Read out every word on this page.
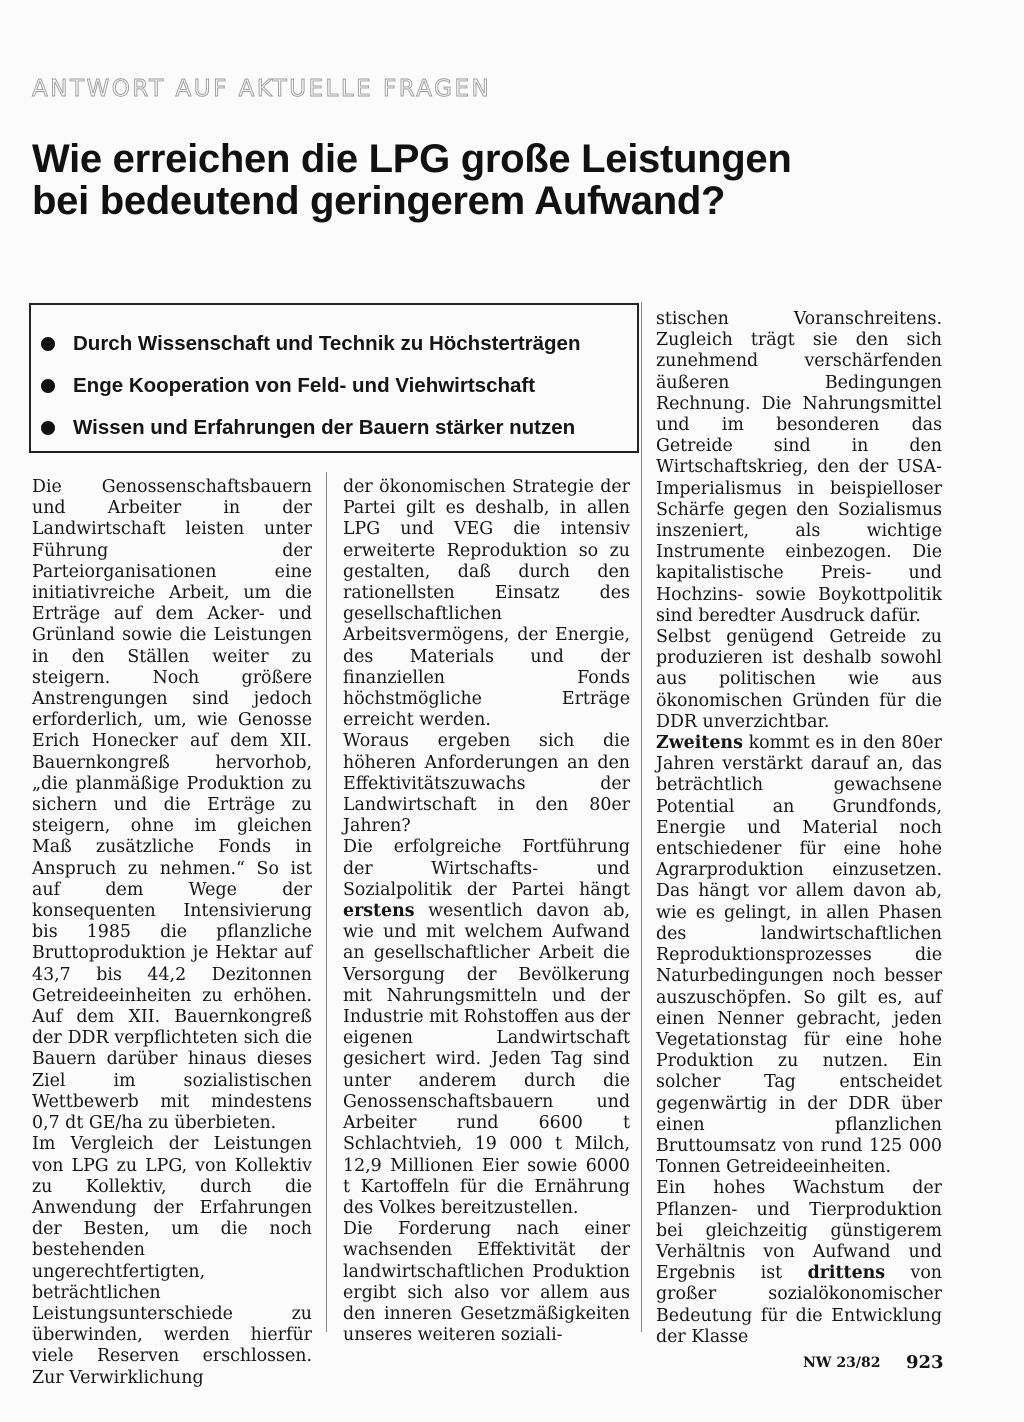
ANTWORT AUF AKTUELLE FRAGEN
Wie erreichen die LPG große Leistungen
bei bedeutend geringerem Aufwand?
Durch Wissenschaft und Technik zu Höchsterträgen
Enge Kooperation von Feld- und Viehwirtschaft
Wissen und Erfahrungen der Bauern stärker nutzen

Die Genossenschaftsbauern und Arbeiter in der Landwirtschaft leisten unter Führung der Parteiorganisationen eine initiativreiche Arbeit, um die Erträge auf dem Acker- und Grünland sowie die Leistungen in den Ställen weiter zu steigern. Noch größere Anstrengungen sind jedoch erforderlich, um, wie Genosse Erich Honecker auf dem XII. Bauernkongreß hervorhob, „die planmäßige Produktion zu sichern und die Erträge zu steigern, ohne im gleichen Maß zusätzliche Fonds in Anspruch zu nehmen.“ So ist auf dem Wege der konsequenten Intensivierung bis 1985 die pflanzliche Bruttoproduktion je Hektar auf 43,7 bis 44,2 Dezitonnen Getreideeinheiten zu erhöhen. Auf dem XII. Bauernkongreß der DDR verpflichteten sich die Bauern darüber hinaus dieses Ziel im sozialistischen Wettbewerb mit mindestens 0,7 dt GE/ha zu überbieten.

Im Vergleich der Leistungen von LPG zu LPG, von Kollektiv zu Kollektiv, durch die Anwendung der Erfahrungen der Besten, um die noch bestehenden ungerechtfertigten, beträchtlichen Leistungsunterschiede zu überwinden, werden hierfür viele Reserven erschlossen. Zur Verwirklichung

der ökonomischen Strategie der Partei gilt es deshalb, in allen LPG und VEG die intensiv erweiterte Reproduktion so zu gestalten, daß durch den rationellsten Einsatz des gesellschaftlichen Arbeitsvermögens, der Energie, des Materials und der finanziellen Fonds höchstmögliche Erträge erreicht werden.

Woraus ergeben sich die höheren Anforderungen an den Effektivitätszuwachs der Landwirtschaft in den 80er Jahren?

Die erfolgreiche Fortführung der Wirtschafts- und Sozialpolitik der Partei hängt erstens wesentlich davon ab, wie und mit welchem Aufwand an gesellschaftlicher Arbeit die Versorgung der Bevölkerung mit Nahrungsmitteln und der Industrie mit Rohstoffen aus der eigenen Landwirtschaft gesichert wird. Jeden Tag sind unter anderem durch die Genossenschaftsbauern und Arbeiter rund 6600 t Schlachtvieh, 19 000 t Milch, 12,9 Millionen Eier sowie 6000 t Kartoffeln für die Ernährung des Volkes bereitzustellen.

Die Forderung nach einer wachsenden Effektivität der landwirtschaftlichen Produktion ergibt sich also vor allem aus den inneren Gesetzmäßigkeiten unseres weiteren soziali-

stischen Voranschreitens. Zugleich trägt sie den sich zunehmend verschärfenden äußeren Bedingungen Rechnung. Die Nahrungsmittel und im besonderen das Getreide sind in den Wirtschaftskrieg, den der USA-Imperialismus in beispielloser Schärfe gegen den Sozialismus inszeniert, als wichtige Instrumente einbezogen. Die kapitalistische Preis- und Hochzins- sowie Boykottpolitik sind beredter Ausdruck dafür.

Selbst genügend Getreide zu produzieren ist deshalb sowohl aus politischen wie aus ökonomischen Gründen für die DDR unverzichtbar.

Zweitens kommt es in den 80er Jahren verstärkt darauf an, das beträchtlich gewachsene Potential an Grundfonds, Energie und Material noch entschiedener für eine hohe Agrarproduktion einzusetzen. Das hängt vor allem davon ab, wie es gelingt, in allen Phasen des landwirtschaftlichen Reproduktionsprozesses die Naturbedingungen noch besser auszuschöpfen. So gilt es, auf einen Nenner gebracht, jeden Vegetationstag für eine hohe Produktion zu nutzen. Ein solcher Tag entscheidet gegenwärtig in der DDR über einen pflanzlichen Bruttoumsatz von rund 125 000 Tonnen Getreideeinheiten.

Ein hohes Wachstum der Pflanzen- und Tierproduktion bei gleichzeitig günstigerem Verhältnis von Aufwand und Ergebnis ist drittens von großer sozialökonomischer Bedeutung für die Entwicklung der Klasse

NW 23/82 923
